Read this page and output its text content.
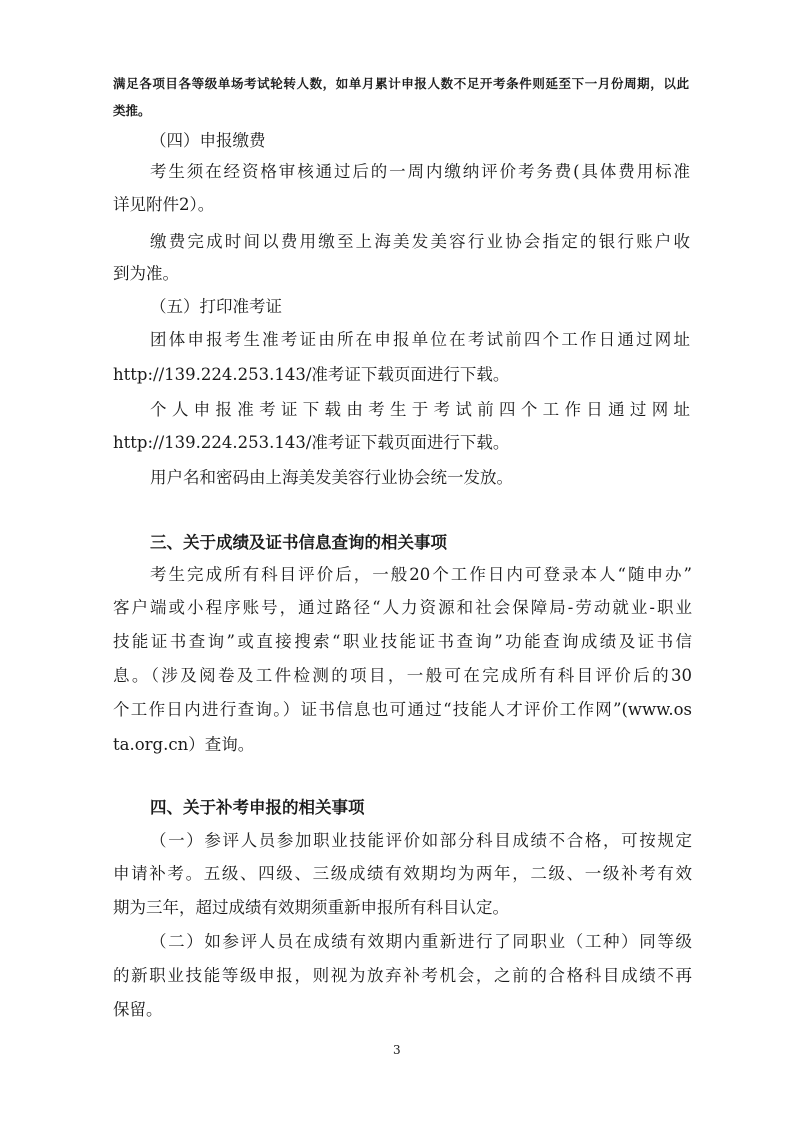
满足各项目各等级单场考试轮转人数，如单月累计申报人数不足开考条件则延至下一月份周期，以此

类推。

（四）申报缴费

考生须在经资格审核通过后的一周内缴纳评价考务费(具体费用标准

详见附件2）。

缴费完成时间以费用缴至上海美发美容行业协会指定的银行账户收

到为准。

（五）打印准考证

团体申报考生准考证由所在申报单位在考试前四个工作日通过网址

http://139.224.253.143/准考证下载页面进行下载。

个人申报准考证下载由考生于考试前四个工作日通过网址

http://139.224.253.143/准考证下载页面进行下载。

用户名和密码由上海美发美容行业协会统一发放。

三、关于成绩及证书信息查询的相关事项

考生完成所有科目评价后，一般20个工作日内可登录本人“随申办”

客户端或小程序账号，通过路径“人力资源和社会保障局-劳动就业-职业

技能证书查询”或直接搜索“职业技能证书查询”功能查询成绩及证书信

息。（涉及阅卷及工件检测的项目，一般可在完成所有科目评价后的30

个工作日内进行查询。）证书信息也可通过“技能人才评价工作网”(www.os

ta.org.cn）查询。

四、关于补考申报的相关事项

（一）参评人员参加职业技能评价如部分科目成绩不合格，可按规定

申请补考。五级、四级、三级成绩有效期均为两年，二级、一级补考有效

期为三年，超过成绩有效期须重新申报所有科目认定。

（二）如参评人员在成绩有效期内重新进行了同职业（工种）同等级

的新职业技能等级申报，则视为放弃补考机会，之前的合格科目成绩不再

保留。

3
